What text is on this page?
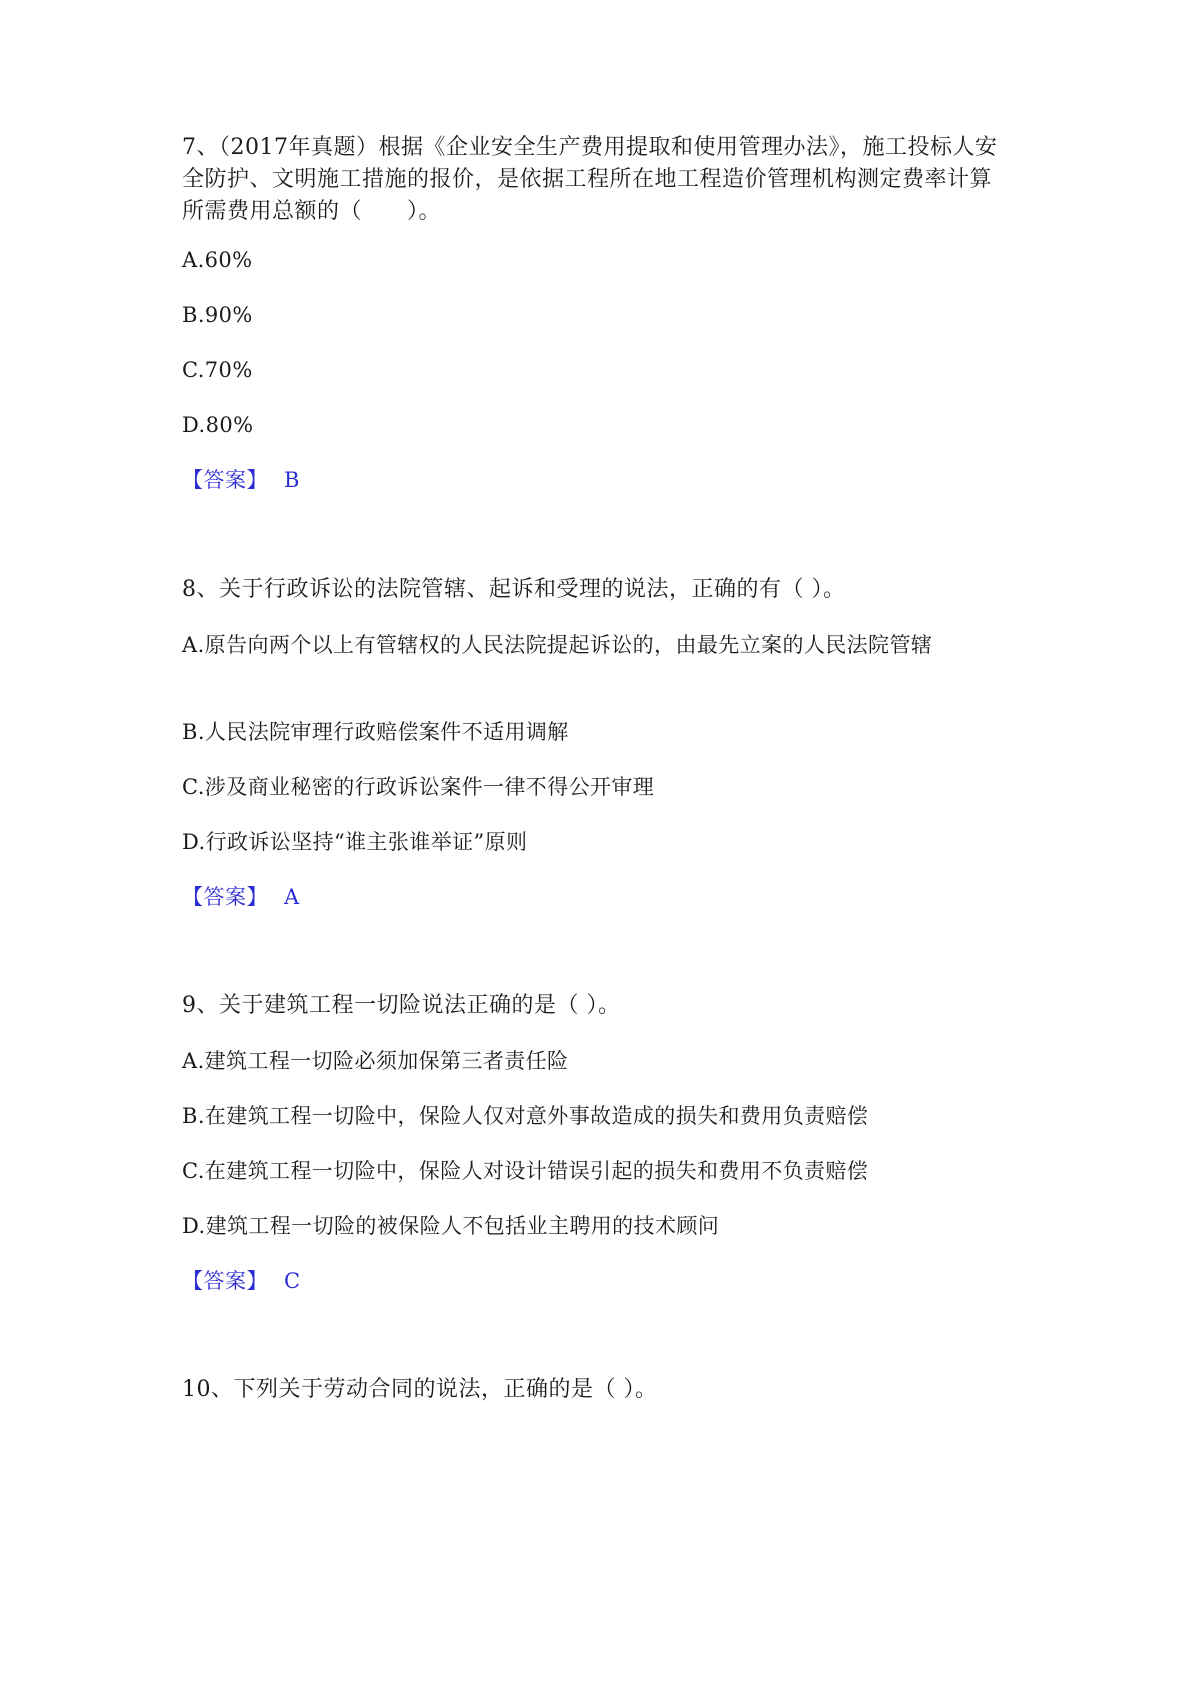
7、（2017年真题）根据《企业安全生产费用提取和使用管理办法》，施工投标人安全防护、文明施工措施的报价，是依据工程所在地工程造价管理机构测定费率计算所需费用总额的（　　）。

A.60%

B.90%

C.70%

D.80%

【答案】 B

8、关于行政诉讼的法院管辖、起诉和受理的说法，正确的有（ ）。

A.原告向两个以上有管辖权的人民法院提起诉讼的，由最先立案的人民法院管辖

B.人民法院审理行政赔偿案件不适用调解

C.涉及商业秘密的行政诉讼案件一律不得公开审理

D.行政诉讼坚持“谁主张谁举证”原则

【答案】 A

9、关于建筑工程一切险说法正确的是（ ）。

A.建筑工程一切险必须加保第三者责任险

B.在建筑工程一切险中，保险人仅对意外事故造成的损失和费用负责赔偿

C.在建筑工程一切险中，保险人对设计错误引起的损失和费用不负责赔偿

D.建筑工程一切险的被保险人不包括业主聘用的技术顾问

【答案】 C

10、下列关于劳动合同的说法，正确的是（ ）。
